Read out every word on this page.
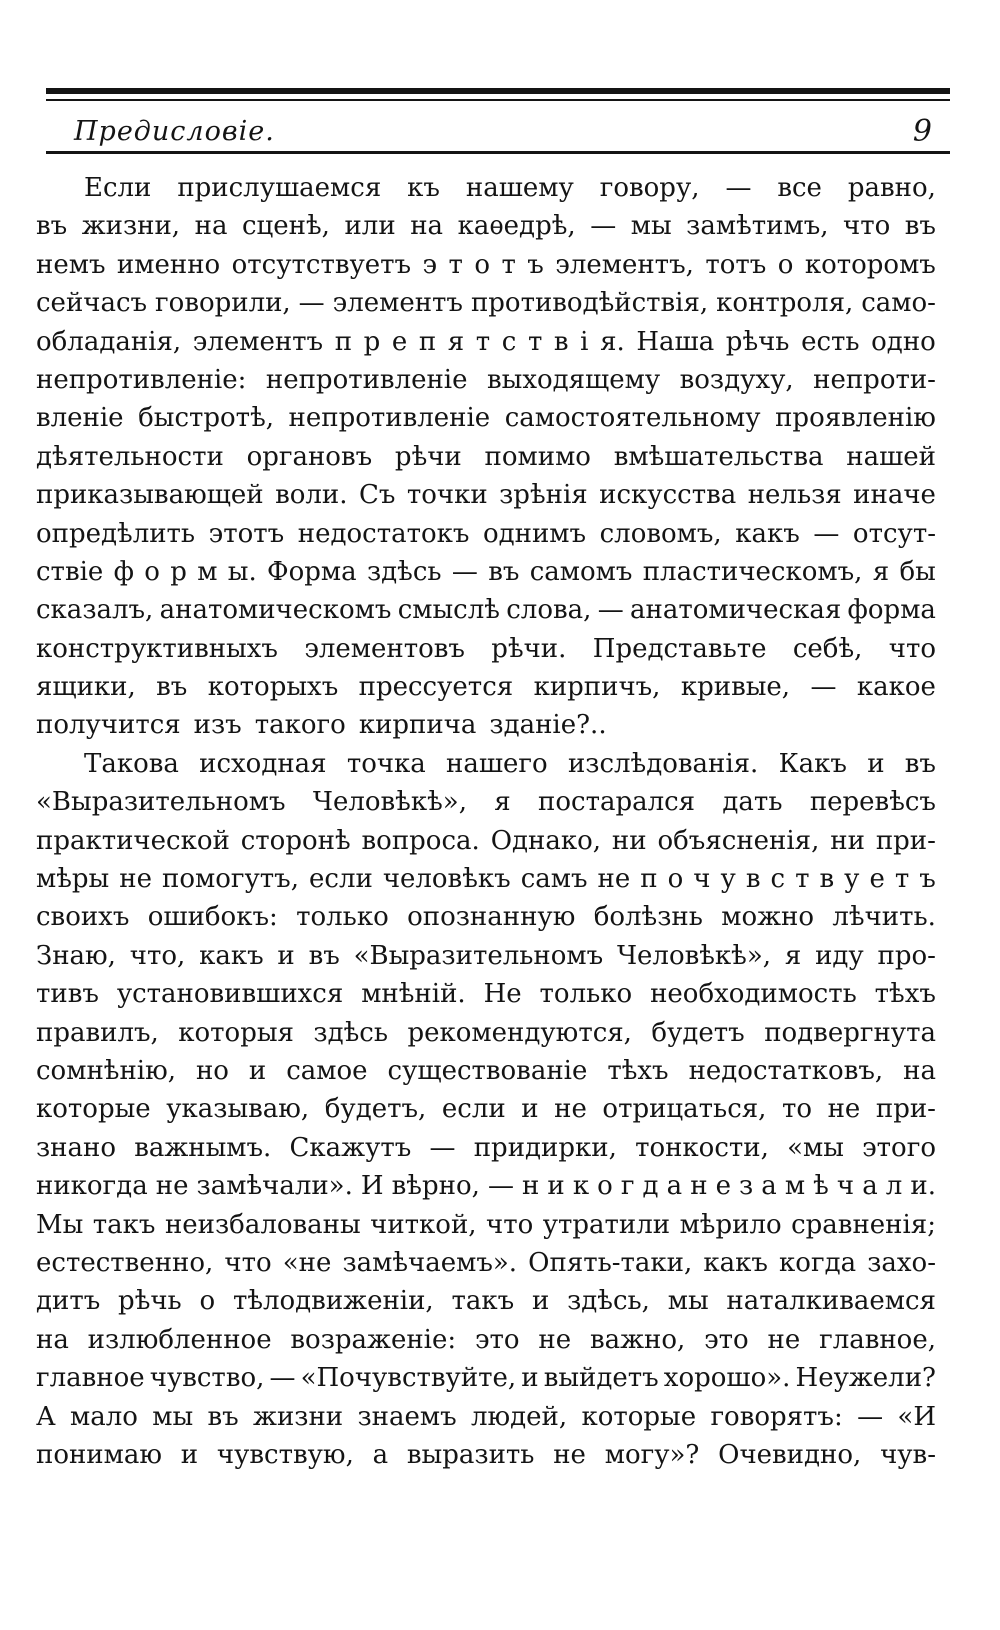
Предисловіе.	9
Если прислушаемся къ нашему говору, — все равно,
въ жизни, на сценѣ, или на каѳедрѣ, — мы замѣтимъ, что въ
немъ именно отсутствуетъ э т о т ъ элементъ, тотъ о которомъ
сейчасъ говорили, — элементъ противодѣйствія, контроля, само-
обладанія, элементъ п р е п я т с т в і я. Наша рѣчь есть одно
непротивленіе: непротивленіе выходящему воздуху, непроти-
вленіе быстротѣ, непротивленіе самостоятельному проявленію
дѣятельности органовъ рѣчи помимо вмѣшательства нашей
приказывающей воли. Съ точки зрѣнія искусства нельзя иначе
опредѣлить этотъ недостатокъ однимъ словомъ, какъ — отсут-
ствіе ф о р м ы. Форма здѣсь — въ самомъ пластическомъ, я бы
сказалъ, анатомическомъ смыслѣ слова, — анатомическая форма
конструктивныхъ элементовъ рѣчи. Представьте себѣ, что
ящики, въ которыхъ прессуется кирпичъ, кривые, — какое
получится изъ такого кирпича зданіе?..
Такова исходная точка нашего изслѣдованія. Какъ и въ
«Выразительномъ Человѣкѣ», я постарался дать перевѣсъ
практической сторонѣ вопроса. Однако, ни объясненія, ни при-
мѣры не помогутъ, если человѣкъ самъ не п о ч у в с т в у е т ъ
своихъ ошибокъ: только опознанную болѣзнь можно лѣчить.
Знаю, что, какъ и въ «Выразительномъ Человѣкѣ», я иду про-
тивъ установившихся мнѣній. Не только необходимость тѣхъ
правилъ, которыя здѣсь рекомендуются, будетъ подвергнута
сомнѣнію, но и самое существованіе тѣхъ недостатковъ, на
которые указываю, будетъ, если и не отрицаться, то не при-
знано важнымъ. Скажутъ — придирки, тонкости, «мы этого
никогда не замѣчали». И вѣрно, — н и к о г д а н е з а м ѣ ч а л и.
Мы такъ неизбалованы читкой, что утратили мѣрило сравненія;
естественно, что «не замѣчаемъ». Опять-таки, какъ когда захо-
дитъ рѣчь о тѣлодвиженіи, такъ и здѣсь, мы наталкиваемся
на излюбленное возраженіе: это не важно, это не главное,
главное чувство, — «Почувствуйте, и выйдетъ хорошо». Неужели?
А мало мы въ жизни знаемъ людей, которые говорятъ: — «И
понимаю и чувствую, а выразить не могу»? Очевидно, чув-
